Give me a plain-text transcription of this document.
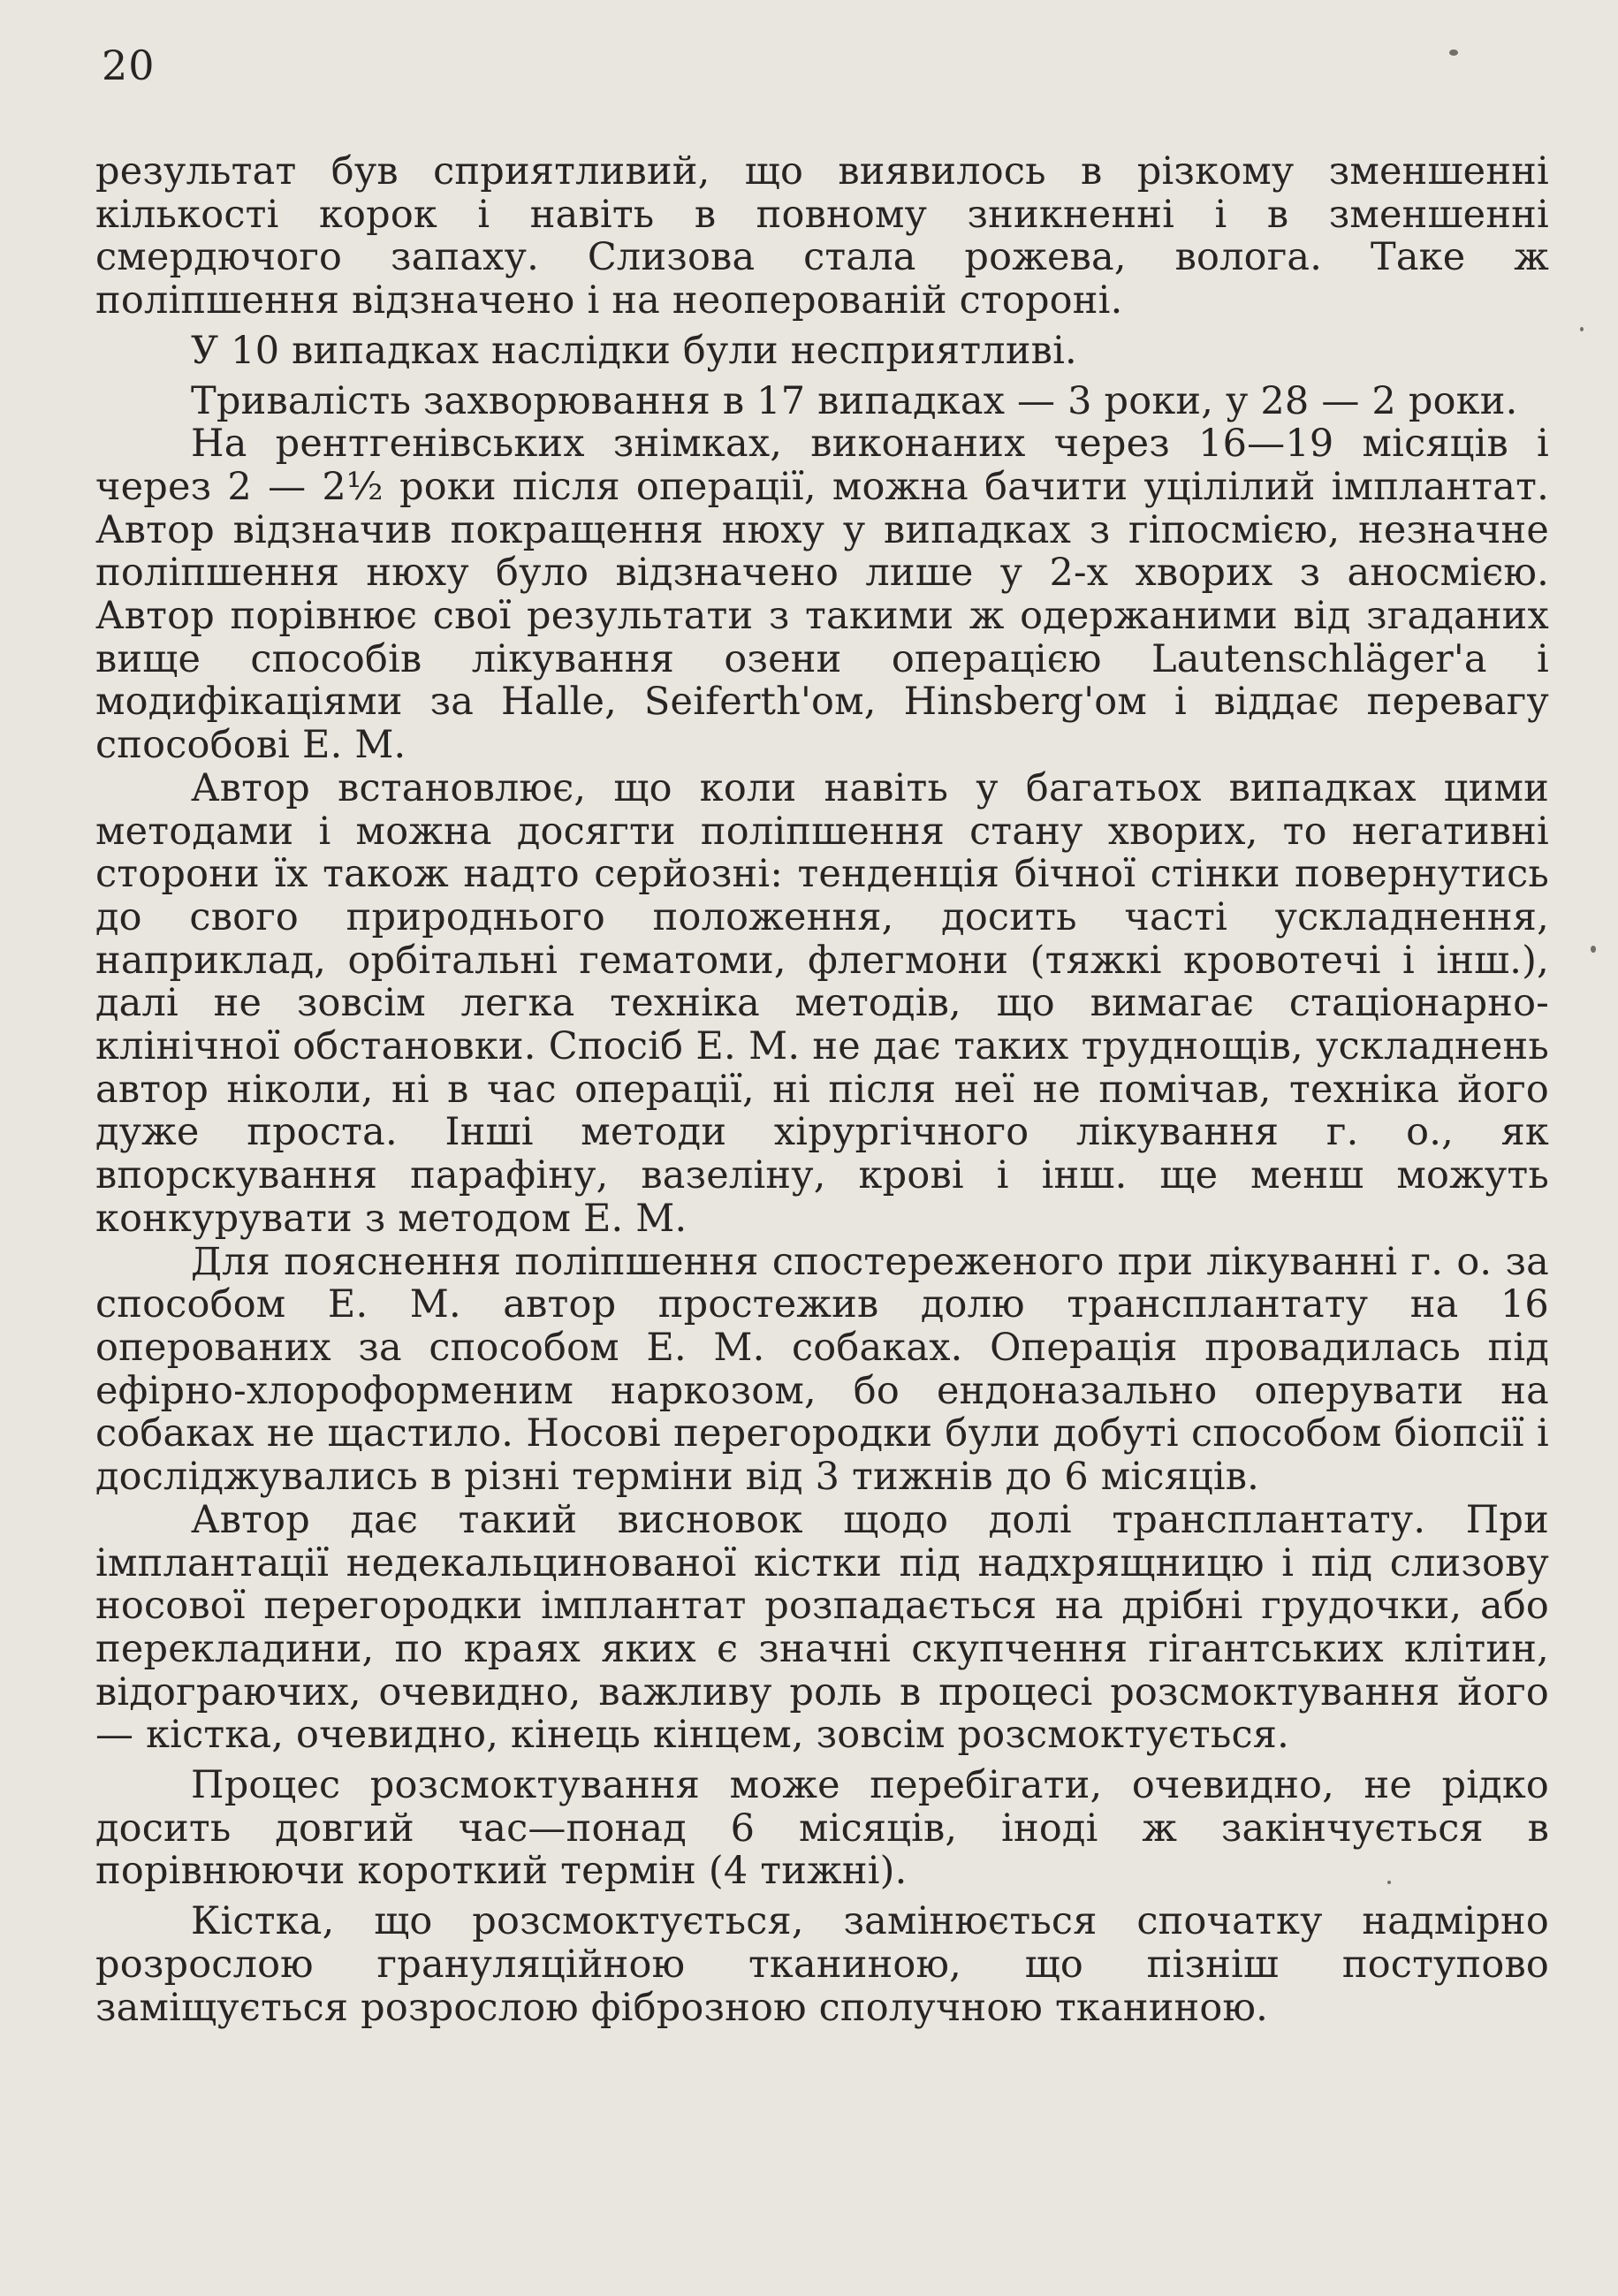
20

результат був сприятливий, що виявилось в різкому зменшенні кількості корок і навіть в повному зникненні і в зменшенні смердючого запаху. Слизова стала рожева, волога. Таке ж поліпшення відзначено і на неоперованій стороні.

У 10 випадках наслідки були несприятливі.

Тривалість захворювання в 17 випадках — 3 роки, у 28 — 2 роки.

На рентгенівських знімках, виконаних через 16—19 місяців і через 2 — 2½ роки після операції, можна бачити уцілілий імплантат. Автор відзначив покращення нюху у випадках з гіпосмією, незначне поліпшення нюху було відзначено лише у 2-х хворих з аносмією. Автор порівнює свої результати з такими ж одержаними від згаданих вище способів лікування озени операцією Lautenschläger'а і модифікаціями за Halle, Seiferth'ом, Hinsberg'ом і віддає перевагу способові Е. М.

Автор встановлює, що коли навіть у багатьох випадках цими методами і можна досягти поліпшення стану хворих, то негативні сторони їх також надто серйозні: тенденція бічної стінки повернутись до свого природнього положення, досить часті ускладнення, наприклад, орбітальні гематоми, флегмони (тяжкі кровотечі і інш.), далі не зовсім легка техніка методів, що вимагає стаціонарно-клінічної обстановки. Спосіб Е. М. не дає таких труднощів, ускладнень автор ніколи, ні в час операції, ні після неї не помічав, техніка його дуже проста. Інші методи хірургічного лікування г. о., як впорскування парафіну, вазеліну, крові і інш. ще менш можуть конкурувати з методом Е. М.

Для пояснення поліпшення спостереженого при лікуванні г. о. за способом Е. М. автор простежив долю трансплантату на 16 оперованих за способом Е. М. собаках. Операція провадилась під ефірно-хлороформеним наркозом, бо ендоназально оперувати на собаках не щастило. Носові перегородки були добуті способом біопсії і досліджувались в різні терміни від 3 тижнів до 6 місяців.

Автор дає такий висновок щодо долі трансплантату. При імплантації недекальцинованої кістки під надхрящницю і під слизову носової перегородки імплантат розпадається на дрібні грудочки, або перекладини, по краях яких є значні скупчення гігантських клітин, відограючих, очевидно, важливу роль в процесі розсмоктування його — кістка, очевидно, кінець кінцем, зовсім розсмоктується.

Процес розсмоктування може перебігати, очевидно, не рідко досить довгий час—понад 6 місяців, іноді ж закінчується в порівнюючи короткий термін (4 тижні).

Кістка, що розсмоктується, замінюється спочатку надмірно розрослою грануляційною тканиною, що пізніш поступово заміщується розрослою фіброзною сполучною тканиною.
